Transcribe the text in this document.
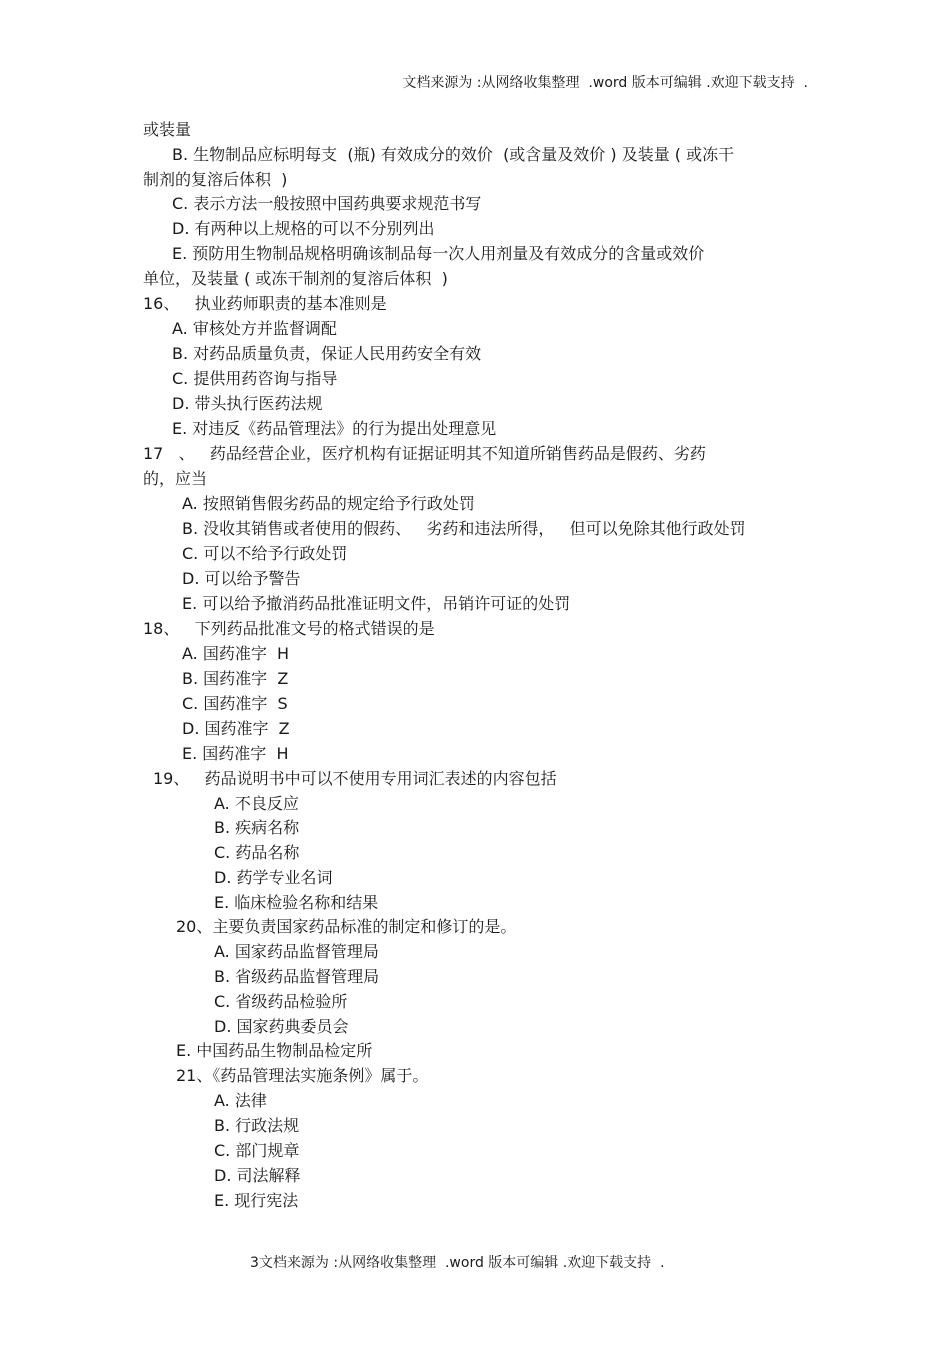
文档来源为 :从网络收集整理  .word 版本可编辑 .欢迎下载支持  .
或装量
B. 生物制品应标明每支  (瓶) 有效成分的效价  (或含量及效价 ) 及装量 ( 或冻干
制剂的复溶后体积  )
C. 表示方法一般按照中国药典要求规范书写
D. 有两种以上规格的可以不分别列出
E. 预防用生物制品规格明确该制品每一次人用剂量及有效成分的含量或效价
单位，及装量 ( 或冻干制剂的复溶后体积  )
16、   执业药师职责的基本准则是
A. 审核处方并监督调配
B. 对药品质量负责，保证人民用药安全有效
C. 提供用药咨询与指导
D. 带头执行医药法规
E. 对违反《药品管理法》的行为提出处理意见
17   、   药品经营企业，医疗机构有证据证明其不知道所销售药品是假药、劣药
的，应当
A. 按照销售假劣药品的规定给予行政处罚
B. 没收其销售或者使用的假药、   劣药和违法所得，   但可以免除其他行政处罚
C. 可以不给予行政处罚
D. 可以给予警告
E. 可以给予撤消药品批准证明文件，吊销许可证的处罚
18、   下列药品批准文号的格式错误的是
A. 国药准字  H
B. 国药准字  Z
C. 国药准字  S
D. 国药准字  Z
E. 国药准字  H
19、   药品说明书中可以不使用专用词汇表述的内容包括
A. 不良反应
B. 疾病名称
C. 药品名称
D. 药学专业名词
E. 临床检验名称和结果
20、主要负责国家药品标准的制定和修订的是。
A. 国家药品监督管理局
B. 省级药品监督管理局
C. 省级药品检验所
D. 国家药典委员会
E. 中国药品生物制品检定所
21、《药品管理法实施条例》属于。
A. 法律
B. 行政法规
C. 部门规章
D. 司法解释
E. 现行宪法
3文档来源为 :从网络收集整理  .word 版本可编辑 .欢迎下载支持  .
